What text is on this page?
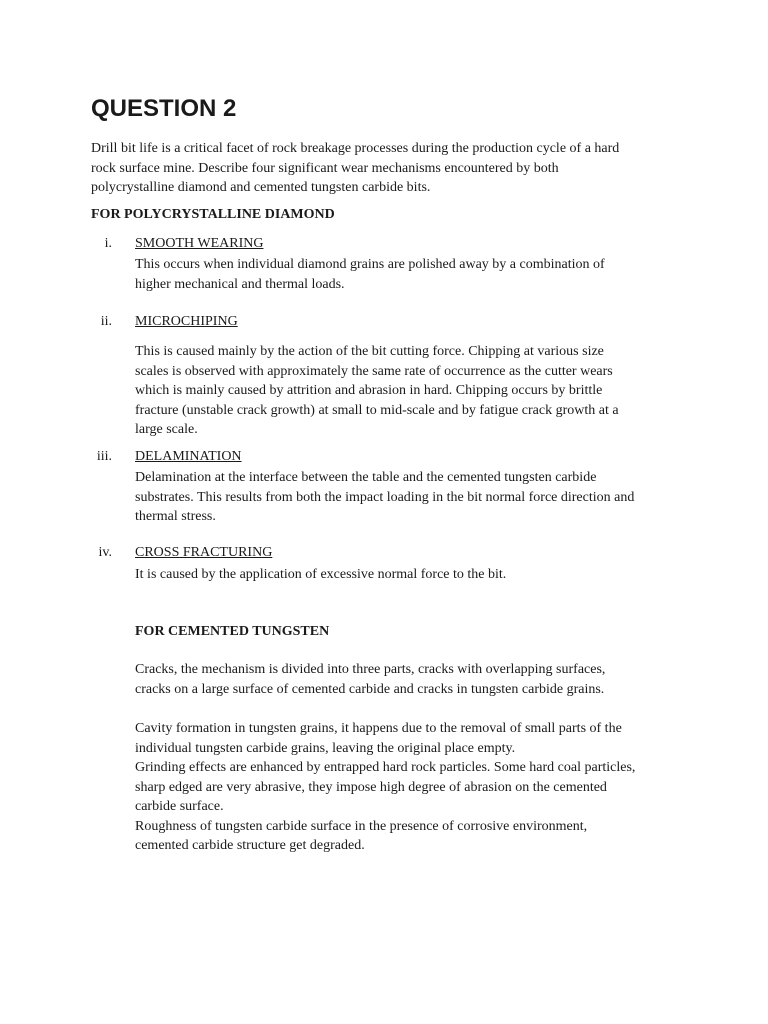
QUESTION 2
Drill bit life is a critical facet of rock breakage processes during the production cycle of a hard
rock surface mine. Describe four significant wear mechanisms encountered by both
polycrystalline diamond and cemented tungsten carbide bits.
FOR POLYCRYSTALLINE DIAMOND
i. SMOOTH WEARING
This occurs when individual diamond grains are polished away by a combination of
higher mechanical and thermal loads.
ii. MICROCHIPING
This is caused mainly by the action of the bit cutting force. Chipping at various size
scales is observed with approximately the same rate of occurrence as the cutter wears
which is mainly caused by attrition and abrasion in hard. Chipping occurs by brittle
fracture (unstable crack growth) at small to mid-scale and by fatigue crack growth at a
large scale.
iii. DELAMINATION
Delamination at the interface between the table and the cemented tungsten carbide
substrates. This results from both the impact loading in the bit normal force direction and
thermal stress.
iv. CROSS FRACTURING
It is caused by the application of excessive normal force to the bit.
FOR CEMENTED TUNGSTEN
Cracks, the mechanism is divided into three parts, cracks with overlapping surfaces,
cracks on a large surface of cemented carbide and cracks in tungsten carbide grains.
Cavity formation in tungsten grains, it happens due to the removal of small parts of the
individual tungsten carbide grains, leaving the original place empty.
Grinding effects are enhanced by entrapped hard rock particles. Some hard coal particles,
sharp edged are very abrasive, they impose high degree of abrasion on the cemented
carbide surface.
Roughness of tungsten carbide surface in the presence of corrosive environment,
cemented carbide structure get degraded.
